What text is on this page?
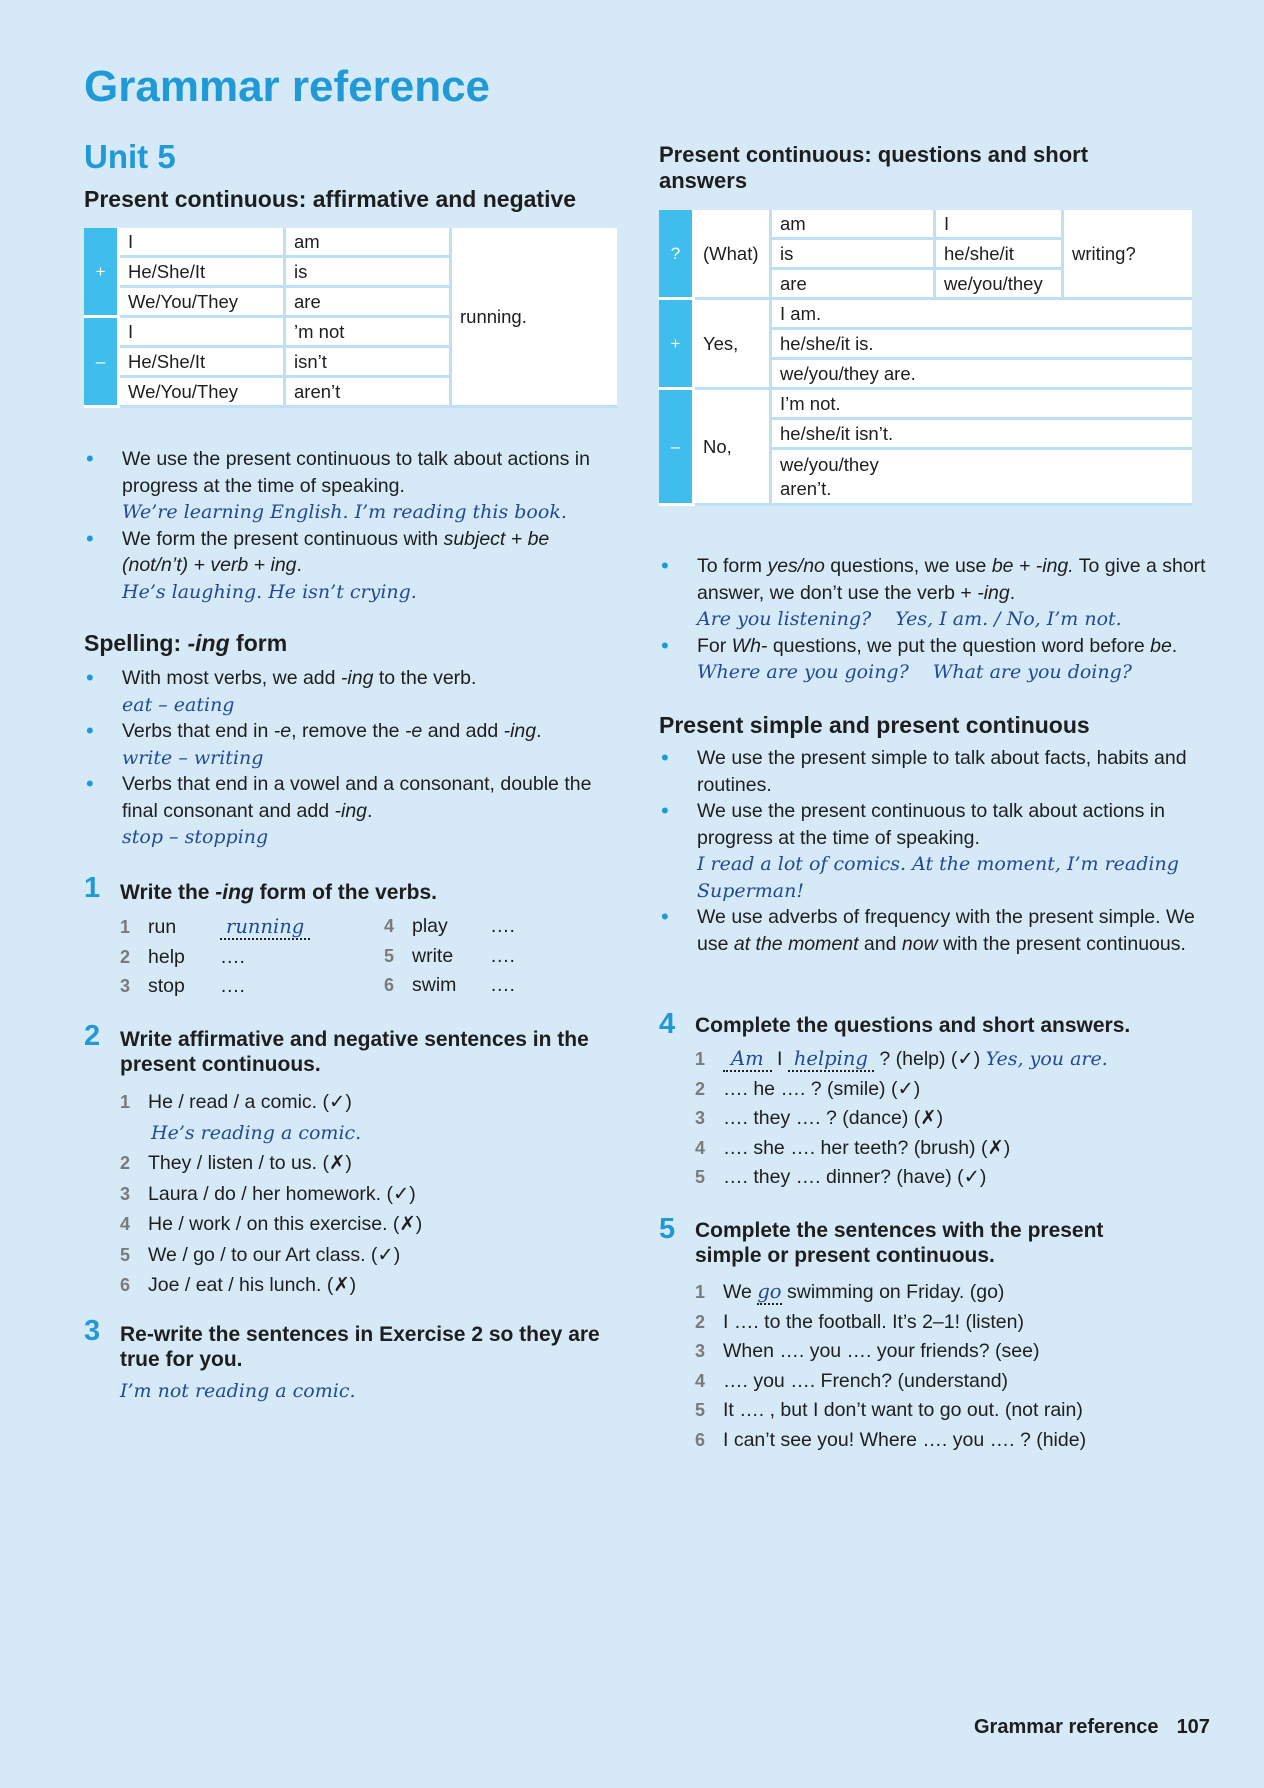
Grammar reference
Unit 5
Present continuous: affirmative and negative
+	I	am	running.
	He/She/It	is	
	We/You/They	are	
–	I	’m not	
	He/She/It	isn’t	
	We/You/They	aren’t	
• We use the present continuous to talk about actions in progress at the time of speaking.
We’re learning English. I’m reading this book.
• We form the present continuous with subject + be (not/n’t) + verb + ing.
He’s laughing. He isn’t crying.
Spelling: -ing form
• With most verbs, we add -ing to the verb.
eat – eating
• Verbs that end in -e, remove the -e and add -ing.
write – writing
• Verbs that end in a vowel and a consonant, double the final consonant and add -ing.
stop – stopping
1 Write the -ing form of the verbs.
1 run	running
2 help ….
3 stop ….
4 play ….
5 write ….
6 swim ….
2 Write affirmative and negative sentences in the present continuous.
1 He / read / a comic. (✓)
He’s reading a comic.
2 They / listen / to us. (✗)
3 Laura / do / her homework. (✓)
4 He / work / on this exercise. (✗)
5 We / go / to our Art class. (✓)
6 Joe / eat / his lunch. (✗)
3 Re-write the sentences in Exercise 2 so they are true for you.
I’m not reading a comic.
Present continuous: questions and short answers
?	(What)	am	I	writing?
		is	he/she/it	
		are	we/you/they	
+	Yes,	I am.		
		he/she/it is.		
		we/you/they are.		
–	No,	I’m not.		
		he/she/it isn’t.		

		we/you/they aren’t.		
• To form yes/no questions, we use be + -ing. To give a short answer, we don’t use the verb + -ing.
Are you listening? Yes, I am. / No, I’m not.
• For Wh- questions, we put the question word before be.
Where are you going? What are you doing?
Present simple and present continuous
• We use the present simple to talk about facts, habits and routines.
• We use the present continuous to talk about actions in progress at the time of speaking.
I read a lot of comics. At the moment, I’m reading Superman!
• We use adverbs of frequency with the present simple. We use at the moment and now with the present continuous.
4 Complete the questions and short answers.
1 Am I helping ? (help) (✓) Yes, you are.
2 …. he …. ? (smile) (✓)
3 …. they …. ? (dance) (✗)
4 …. she …. her teeth? (brush) (✗)
5 …. they …. dinner? (have) (✓)
5 Complete the sentences with the present simple or present continuous.
1 We go swimming on Friday. (go)
2 I …. to the football. It’s 2–1! (listen)
3 When …. you …. your friends? (see)
4 …. you …. French? (understand)
5 It …. , but I don’t want to go out. (not rain)
6 I can’t see you! Where …. you …. ? (hide)
Grammar reference 107
